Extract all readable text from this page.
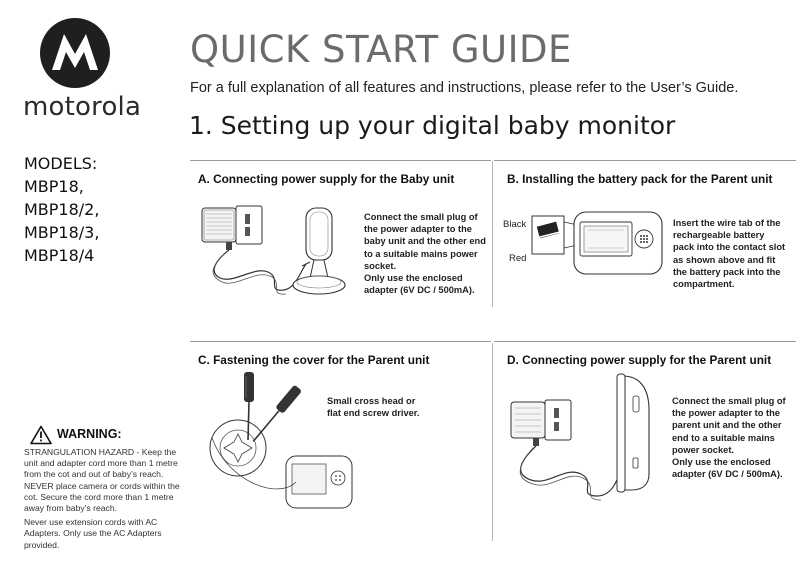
motorola
QUICK START GUIDE
For a full explanation of all features and instructions, please refer to the User’s Guide.
1. Setting up your digital baby monitor
MODELS:
MBP18,
MBP18/2,
MBP18/3,
MBP18/4
WARNING:

STRANGULATION HAZARD - Keep the unit and adapter cord more than 1 metre from the cot and out of baby’s reach. NEVER place camera or cords within the cot. Secure the cord more than 1 metre away from baby’s reach.

Never use extension cords with AC Adapters. Only use the AC Adapters provided.

A. Connecting power supply for the Baby unit
Connect the small plug of the power adapter to the baby unit and the other end to a suitable mains power socket.
Only use the enclosed adapter (6V DC / 500mA).
B. Installing the battery pack for the Parent unit
Black
Red
Insert the wire tab of the rechargeable battery pack into the contact slot as shown above and fit the battery pack into the compartment.
C. Fastening the cover for the Parent unit
Small cross head or flat end screw driver.
D. Connecting power supply for the Parent unit
Connect the small plug of the power adapter to the parent unit and the other end to a suitable mains power socket.
Only use the enclosed adapter (6V DC / 500mA).
